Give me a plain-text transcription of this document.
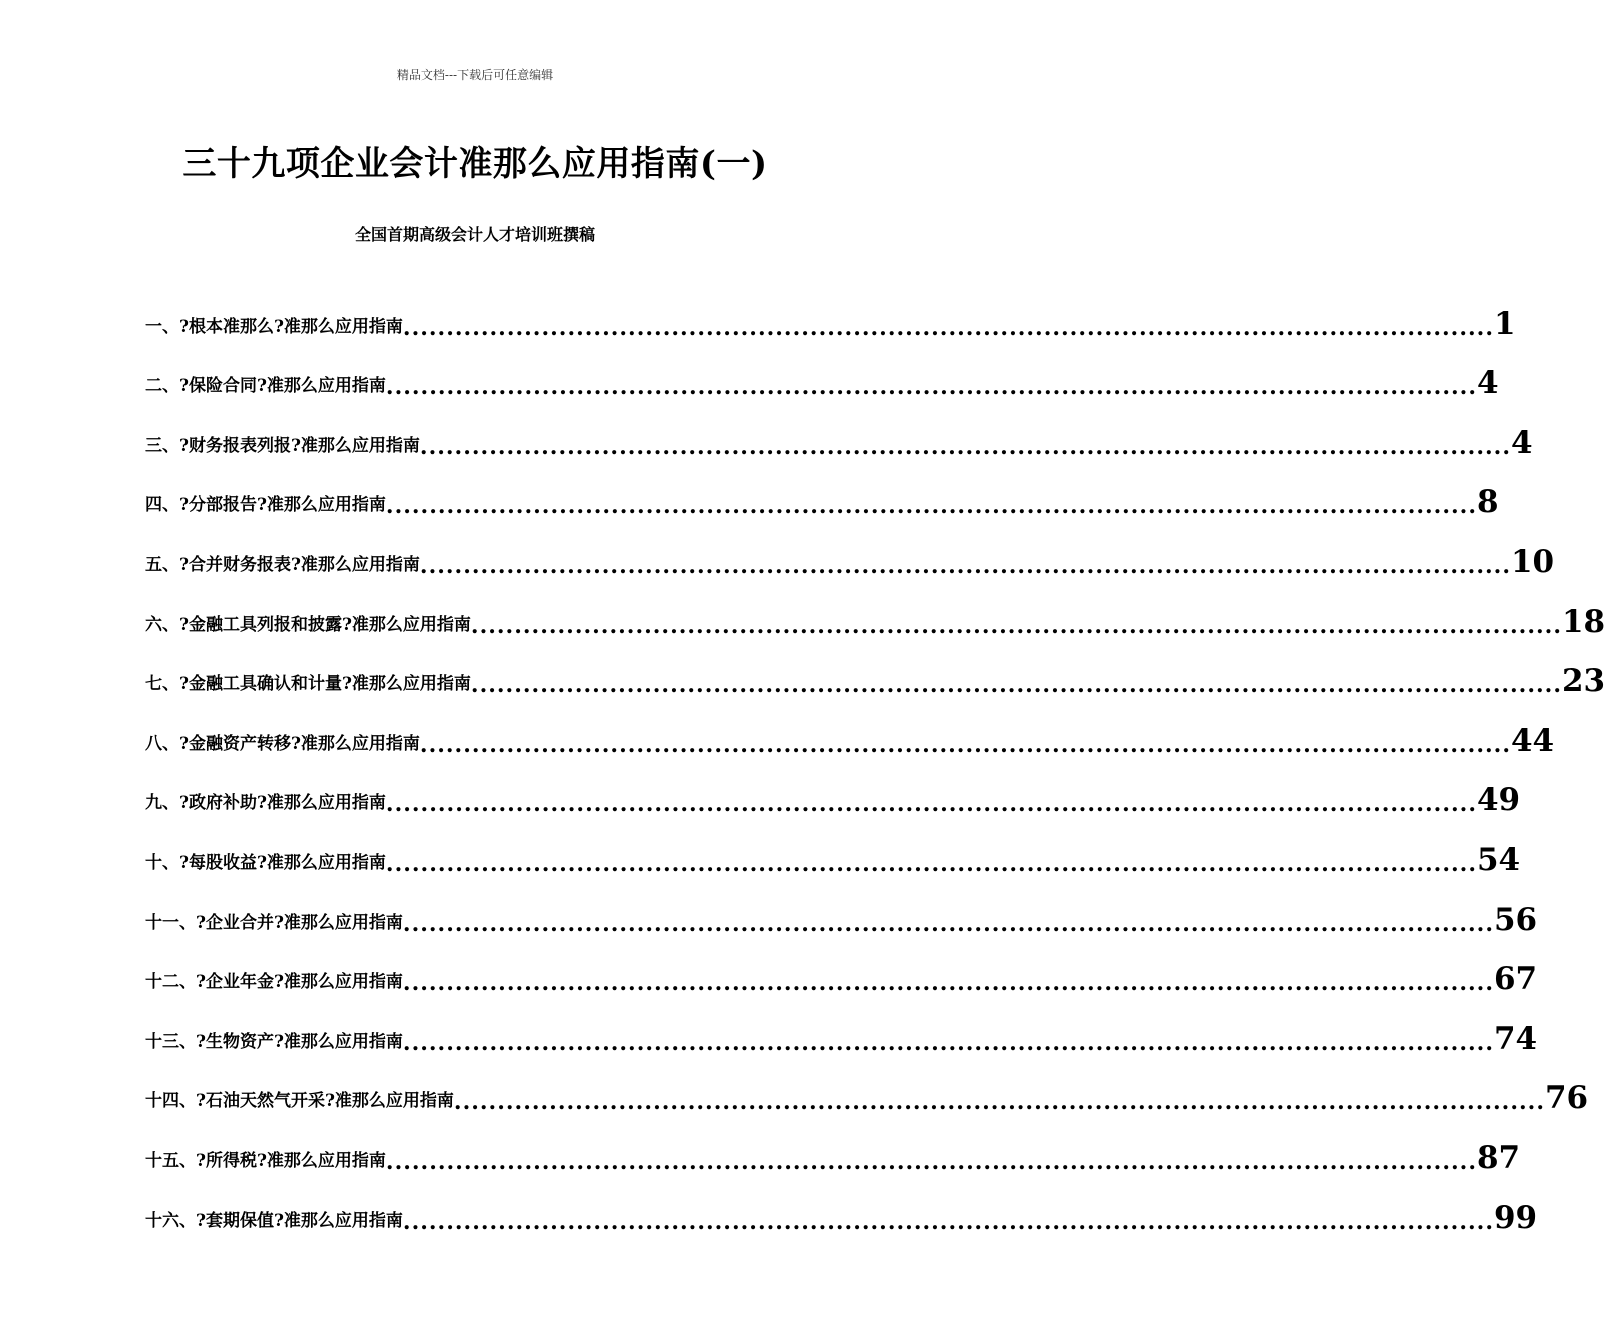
精品文档---下载后可任意编辑
三十九项企业会计准那么应用指南(一)
全国首期高级会计人才培训班撰稿
一、?根本准那么?准那么应用指南 .............................................................................................................................. 1
二、?保险合同?准那么应用指南 .............................................................................................................................. 4
三、?财务报表列报?准那么应用指南 .............................................................................................................................. 4
四、?分部报告?准那么应用指南 .............................................................................................................................. 8
五、?合并财务报表?准那么应用指南 .............................................................................................................................. 10
六、?金融工具列报和披露?准那么应用指南 .............................................................................................................................. 18
七、?金融工具确认和计量?准那么应用指南 .............................................................................................................................. 23
八、?金融资产转移?准那么应用指南 .............................................................................................................................. 44
九、?政府补助?准那么应用指南 .............................................................................................................................. 49
十、?每股收益?准那么应用指南 .............................................................................................................................. 54
十一、?企业合并?准那么应用指南 .............................................................................................................................. 56
十二、?企业年金?准那么应用指南 .............................................................................................................................. 67
十三、?生物资产?准那么应用指南 .............................................................................................................................. 74
十四、?石油天然气开采?准那么应用指南 .............................................................................................................................. 76
十五、?所得税?准那么应用指南 .............................................................................................................................. 87
十六、?套期保值?准那么应用指南 .............................................................................................................................. 99
